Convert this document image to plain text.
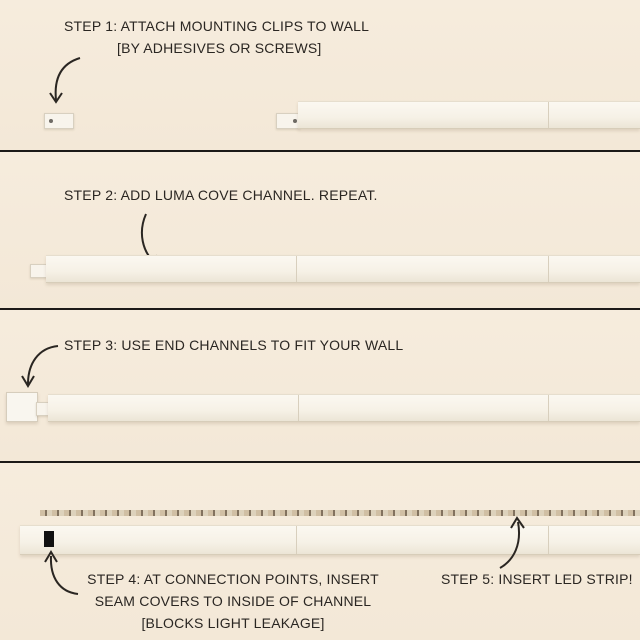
STEP 1: ATTACH MOUNTING CLIPS TO WALL
[BY ADHESIVES OR SCREWS]
STEP 2: ADD LUMA COVE CHANNEL. REPEAT.
STEP 3: USE END CHANNELS TO FIT YOUR WALL
STEP 4: AT CONNECTION POINTS, INSERT
SEAM COVERS TO INSIDE OF CHANNEL
[BLOCKS LIGHT LEAKAGE]
STEP 5: INSERT LED STRIP!
